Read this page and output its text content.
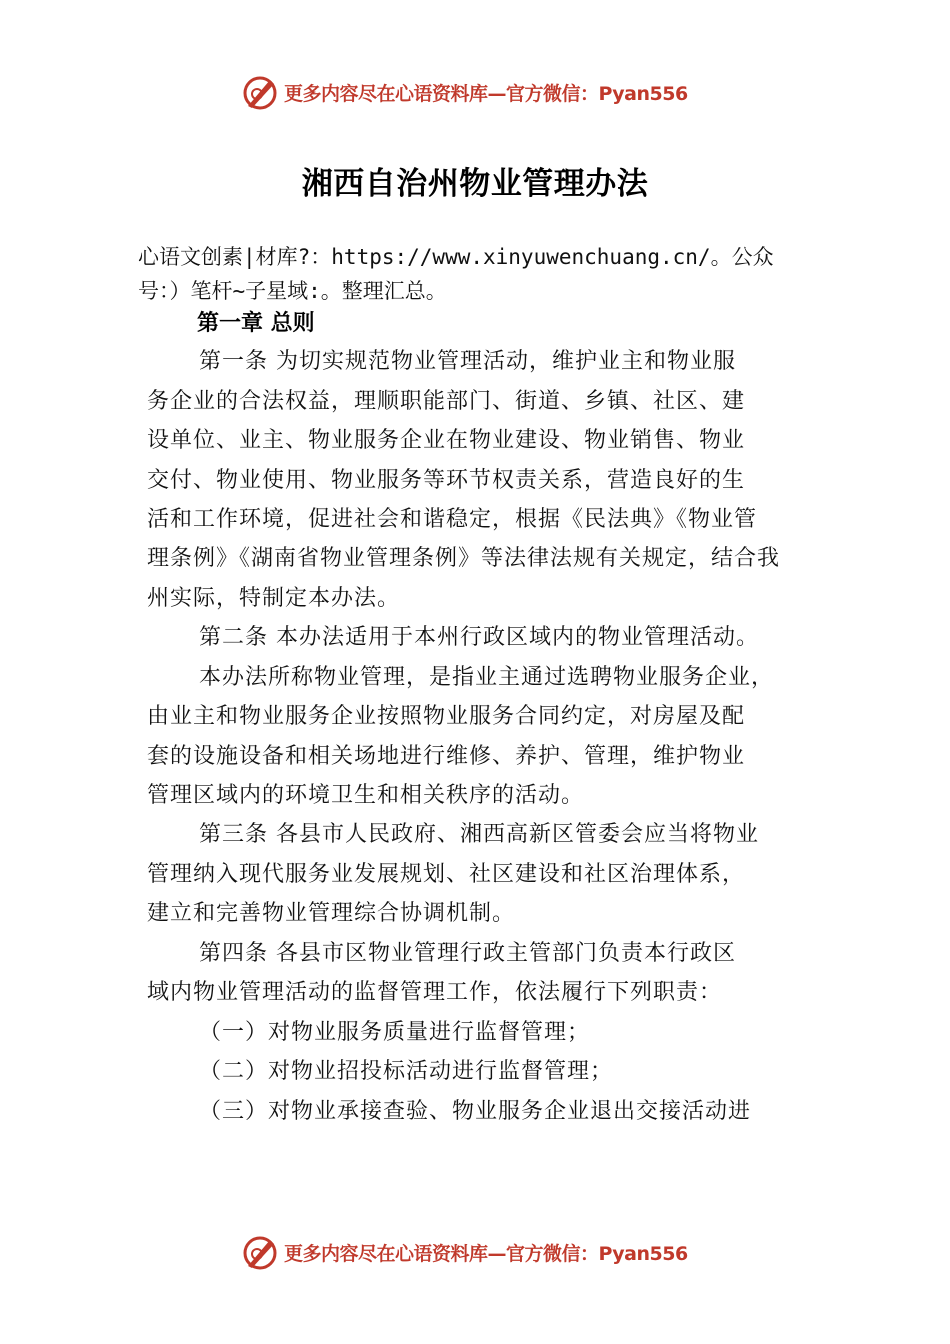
更多内容尽在心语资料库—官方微信：Pyan556
湘西自治州物业管理办法
心语文创素|材库?：https://www.xinyuwenchuang.cn/。公众
号：）笔杆~子星域:。整理汇总。
第一章 总则
第一条 为切实规范物业管理活动，维护业主和物业服
务企业的合法权益，理顺职能部门、街道、乡镇、社区、建
设单位、业主、物业服务企业在物业建设、物业销售、物业
交付、物业使用、物业服务等环节权责关系，营造良好的生
活和工作环境，促进社会和谐稳定，根据《民法典》《物业管
理条例》《湖南省物业管理条例》等法律法规有关规定，结合我
州实际，特制定本办法。
第二条 本办法适用于本州行政区域内的物业管理活动。
本办法所称物业管理，是指业主通过选聘物业服务企业，
由业主和物业服务企业按照物业服务合同约定，对房屋及配
套的设施设备和相关场地进行维修、养护、管理，维护物业
管理区域内的环境卫生和相关秩序的活动。
第三条 各县市人民政府、湘西高新区管委会应当将物业
管理纳入现代服务业发展规划、社区建设和社区治理体系，
建立和完善物业管理综合协调机制。
第四条 各县市区物业管理行政主管部门负责本行政区
域内物业管理活动的监督管理工作，依法履行下列职责：
（一）对物业服务质量进行监督管理；
（二）对物业招投标活动进行监督管理；
（三）对物业承接查验、物业服务企业退出交接活动进
更多内容尽在心语资料库—官方微信：Pyan556
